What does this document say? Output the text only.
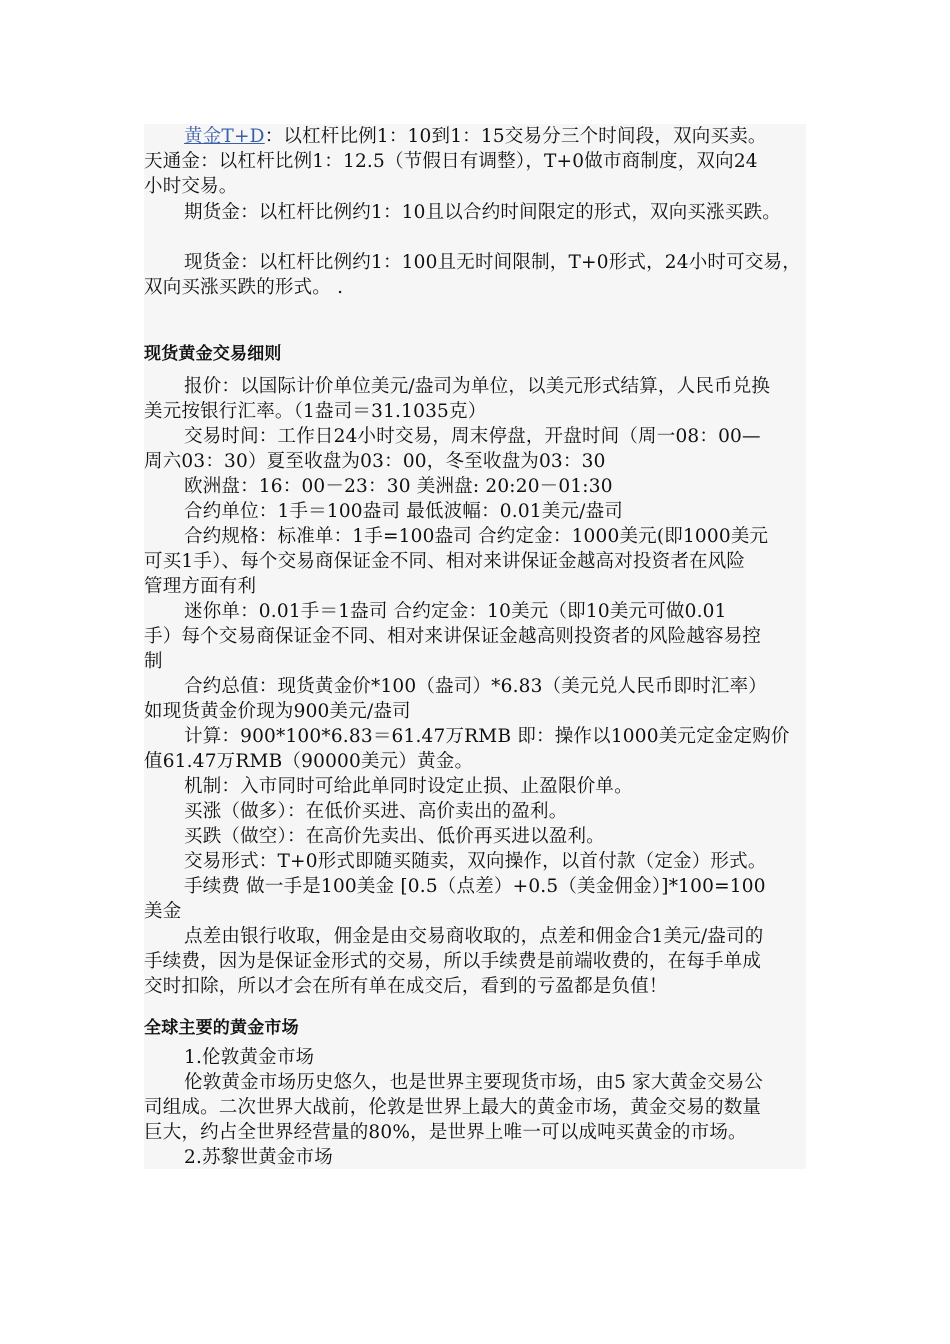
黄金T+D：以杠杆比例1：10到1：15交易分三个时间段，双向买卖。
天通金：以杠杆比例1：12.5（节假日有调整），T+0做市商制度，双向24
小时交易。
期货金：以杠杆比例约1：10且以合约时间限定的形式，双向买涨买跌。
现货金：以杠杆比例约1：100且无时间限制，T+0形式，24小时可交易，
双向买涨买跌的形式。 .
现货黄金交易细则
报价：以国际计价单位美元/盎司为单位，以美元形式结算，人民币兑换
美元按银行汇率。（1盎司＝31.1035克）
交易时间：工作日24小时交易，周末停盘，开盘时间（周一08：00—
周六03：30）夏至收盘为03：00，冬至收盘为03：30
欧洲盘：16：00－23：30 美洲盘: 20:20－01:30
合约单位：1手＝100盎司 最低波幅：0.01美元/盎司
合约规格：标准单：1手=100盎司 合约定金：1000美元(即1000美元
可买1手）、每个交易商保证金不同、相对来讲保证金越高对投资者在风险
管理方面有利
迷你单：0.01手＝1盎司 合约定金：10美元（即10美元可做0.01
手）每个交易商保证金不同、相对来讲保证金越高则投资者的风险越容易控
制
合约总值：现货黄金价*100（盎司）*6.83（美元兑人民币即时汇率）
如现货黄金价现为900美元/盎司
计算：900*100*6.83＝61.47万RMB 即：操作以1000美元定金定购价
值61.47万RMB（90000美元）黄金。
机制：入市同时可给此单同时设定止损、止盈限价单。
买涨（做多）：在低价买进、高价卖出的盈利。
买跌（做空）：在高价先卖出、低价再买进以盈利。
交易形式：T+0形式即随买随卖，双向操作，以首付款（定金）形式。
手续费 做一手是100美金 [0.5（点差）+0.5（美金佣金）]*100=100
美金
点差由银行收取，佣金是由交易商收取的，点差和佣金合1美元/盎司的
手续费，因为是保证金形式的交易，所以手续费是前端收费的，在每手单成
交时扣除，所以才会在所有单在成交后，看到的亏盈都是负值！
全球主要的黄金市场
1.伦敦黄金市场
伦敦黄金市场历史悠久，也是世界主要现货市场，由5 家大黄金交易公
司组成。二次世界大战前，伦敦是世界上最大的黄金市场，黄金交易的数量
巨大，约占全世界经营量的80%，是世界上唯一可以成吨买黄金的市场。
2.苏黎世黄金市场
